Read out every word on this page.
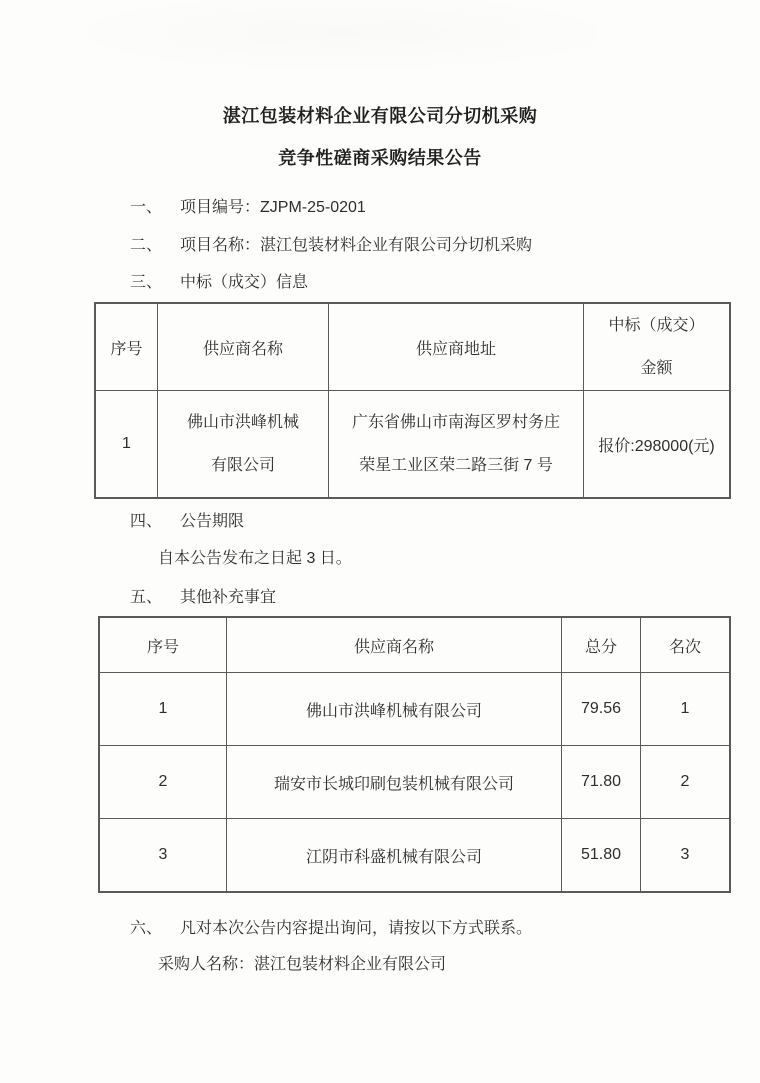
湛江包装材料企业有限公司分切机采购
竞争性磋商采购结果公告
一、 项目编号：ZJPM-25-0201
二、 项目名称：湛江包装材料企业有限公司分切机采购
三、 中标（成交）信息
序号	供应商名称	供应商地址	中标（成交）金额
1	佛山市洪峰机械有限公司	广东省佛山市南海区罗村务庄荣星工业区荣二路三街 7 号	报价:298000(元)
四、 公告期限
自本公告发布之日起 3 日。
五、 其他补充事宜
序号	供应商名称	总分	名次
1	佛山市洪峰机械有限公司	79.56	1
2	瑞安市长城印刷包装机械有限公司	71.80	2
3	江阴市科盛机械有限公司	51.80	3
六、 凡对本次公告内容提出询问，请按以下方式联系。
采购人名称：湛江包装材料企业有限公司
